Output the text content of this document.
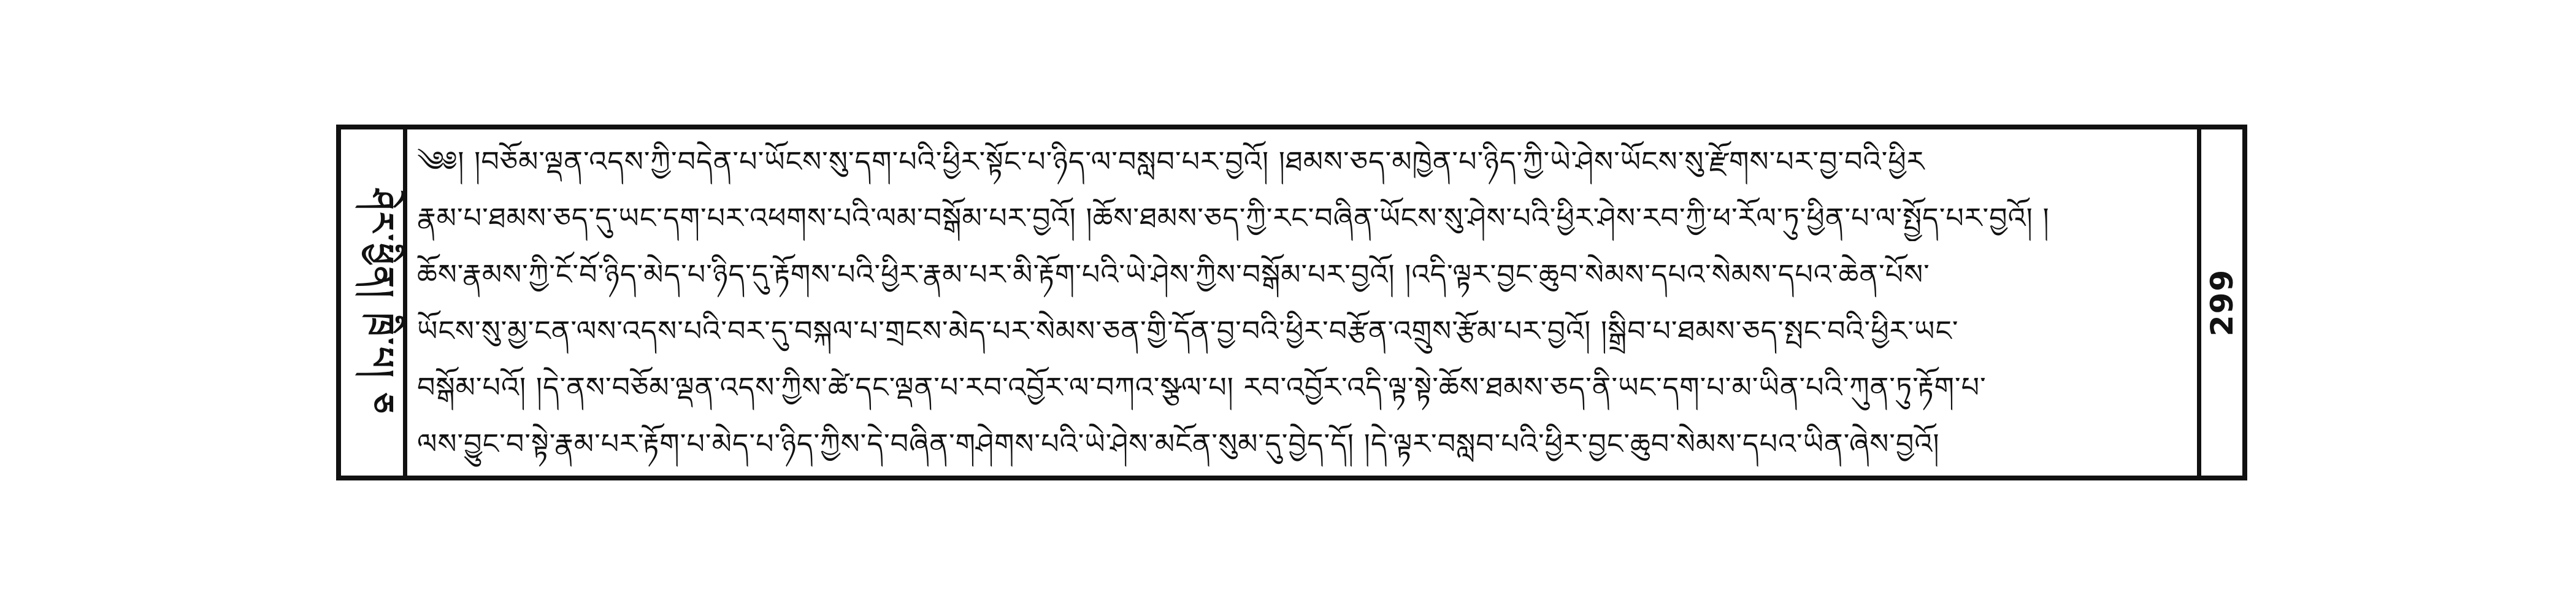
ཤེར་ཕྱིན། ཁྲི་པ། ཅ
༄༅། །བཅོམ་ལྡན་འདས་ཀྱི་བདེན་པ་ཡོངས་སུ་དག་པའི་ཕྱིར་སྟོང་པ་ཉིད་ལ་བསླབ་པར་བྱའོ། །ཐམས་ཅད་མཁྱེན་པ་ཉིད་ཀྱི་ཡེ་ཤེས་ཡོངས་སུ་རྫོགས་པར་བྱ་བའི་ཕྱིར
རྣམ་པ་ཐམས་ཅད་དུ་ཡང་དག་པར་འཕགས་པའི་ལམ་བསྒོམ་པར་བྱའོ། །ཆོས་ཐམས་ཅད་ཀྱི་རང་བཞིན་ཡོངས་སུ་ཤེས་པའི་ཕྱིར་ཤེས་རབ་ཀྱི་ཕ་རོལ་ཏུ་ཕྱིན་པ་ལ་སྤྱོད་པར་བྱའོ། །
ཆོས་རྣམས་ཀྱི་ངོ་བོ་ཉིད་མེད་པ་ཉིད་དུ་རྟོགས་པའི་ཕྱིར་རྣམ་པར་མི་རྟོག་པའི་ཡེ་ཤེས་ཀྱིས་བསྒོམ་པར་བྱའོ། །འདི་ལྟར་བྱང་ཆུབ་སེམས་དཔའ་སེམས་དཔའ་ཆེན་པོས་
ཡོངས་སུ་མྱ་ངན་ལས་འདས་པའི་བར་དུ་བསྐལ་པ་གྲངས་མེད་པར་སེམས་ཅན་གྱི་དོན་བྱ་བའི་ཕྱིར་བརྩོན་འགྲུས་རྩོམ་པར་བྱའོ། །སྒྲིབ་པ་ཐམས་ཅད་སྤང་བའི་ཕྱིར་ཡང་
བསྒོམ་པའོ། །དེ་ནས་བཅོམ་ལྡན་འདས་ཀྱིས་ཚེ་དང་ལྡན་པ་རབ་འབྱོར་ལ་བཀའ་སྩལ་པ། རབ་འབྱོར་འདི་ལྟ་སྟེ་ཆོས་ཐམས་ཅད་ནི་ཡང་དག་པ་མ་ཡིན་པའི་ཀུན་ཏུ་རྟོག་པ་
ལས་བྱུང་བ་སྟེ་རྣམ་པར་རྟོག་པ་མེད་པ་ཉིད་ཀྱིས་དེ་བཞིན་གཤེགས་པའི་ཡེ་ཤེས་མངོན་སུམ་དུ་བྱེད་དོ། །དེ་ལྟར་བསླབ་པའི་ཕྱིར་བྱང་ཆུབ་སེམས་དཔའ་ཡིན་ཞེས་བྱའོ།
299
